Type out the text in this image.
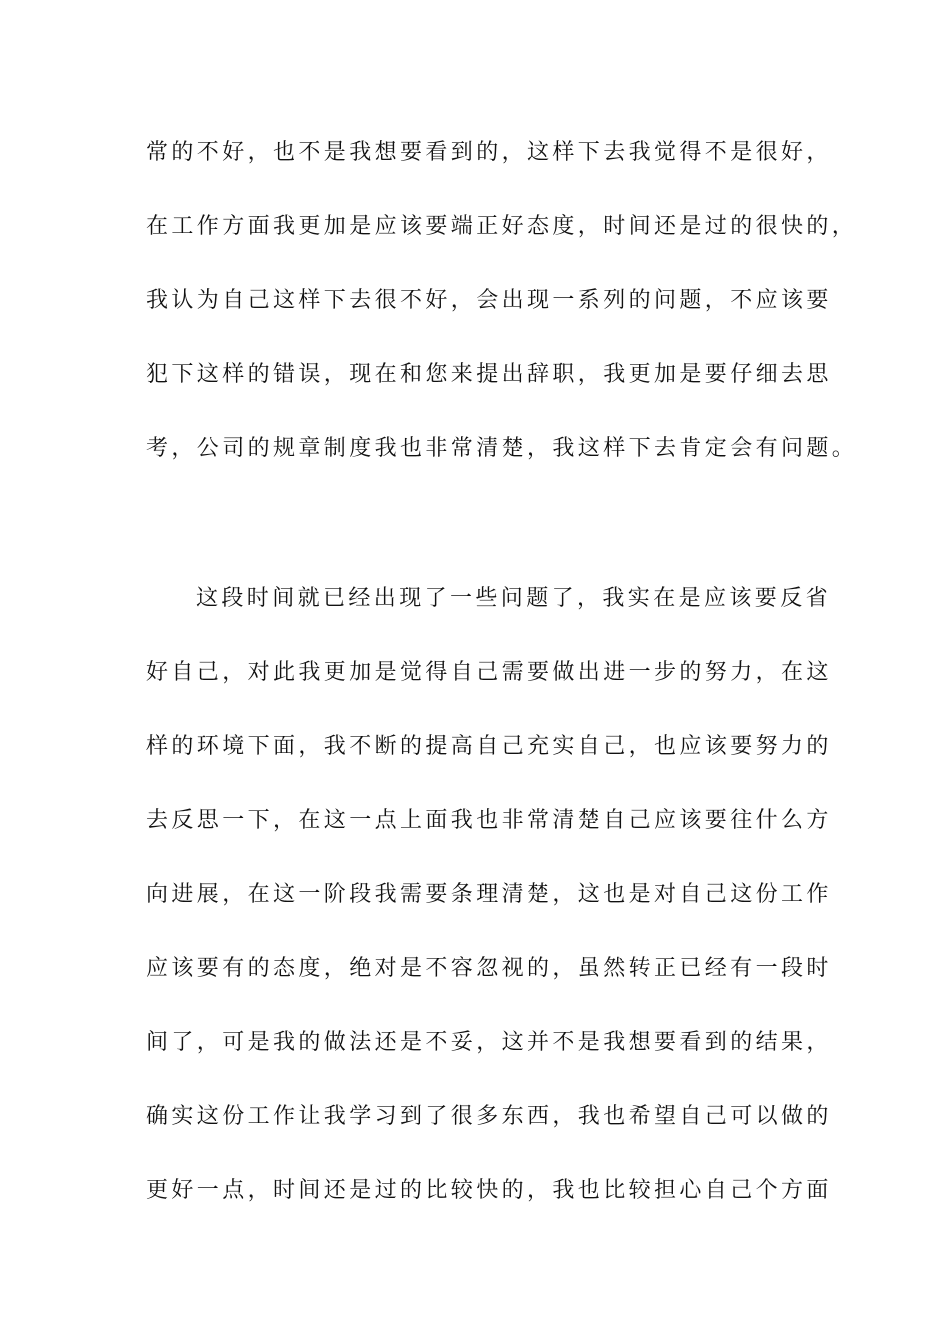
常的不好，也不是我想要看到的，这样下去我觉得不是很好，
在工作方面我更加是应该要端正好态度，时间还是过的很快的，
我认为自己这样下去很不好，会出现一系列的问题，不应该要
犯下这样的错误，现在和您来提出辞职，我更加是要仔细去思
考，公司的规章制度我也非常清楚，我这样下去肯定会有问题。
这段时间就已经出现了一些问题了，我实在是应该要反省
好自己，对此我更加是觉得自己需要做出进一步的努力，在这
样的环境下面，我不断的提高自己充实自己，也应该要努力的
去反思一下，在这一点上面我也非常清楚自己应该要往什么方
向进展，在这一阶段我需要条理清楚，这也是对自己这份工作
应该要有的态度，绝对是不容忽视的，虽然转正已经有一段时
间了，可是我的做法还是不妥，这并不是我想要看到的结果，
确实这份工作让我学习到了很多东西，我也希望自己可以做的
更好一点，时间还是过的比较快的，我也比较担心自己个方面
